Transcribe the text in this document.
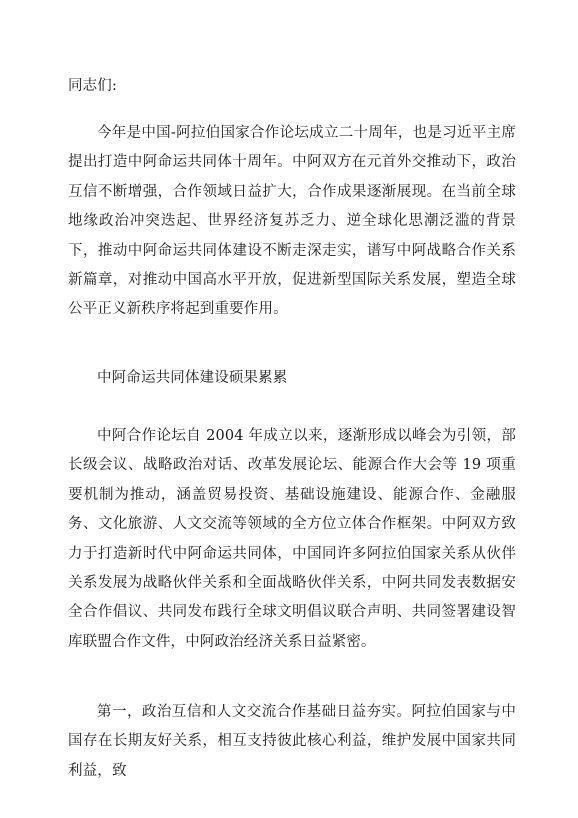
同志们:
今年是中国-阿拉伯国家合作论坛成立二十周年，也是习近平主席提出打造中阿命运共同体十周年。中阿双方在元首外交推动下，政治互信不断增强，合作领域日益扩大，合作成果逐渐展现。在当前全球地缘政治冲突迭起、世界经济复苏乏力、逆全球化思潮泛滥的背景下，推动中阿命运共同体建设不断走深走实，谱写中阿战略合作关系新篇章，对推动中国高水平开放，促进新型国际关系发展，塑造全球公平正义新秩序将起到重要作用。
中阿命运共同体建设硕果累累
中阿合作论坛自 2004 年成立以来，逐渐形成以峰会为引领，部长级会议、战略政治对话、改革发展论坛、能源合作大会等 19 项重要机制为推动，涵盖贸易投资、基础设施建设、能源合作、金融服务、文化旅游、人文交流等领域的全方位立体合作框架。中阿双方致力于打造新时代中阿命运共同体，中国同许多阿拉伯国家关系从伙伴关系发展为战略伙伴关系和全面战略伙伴关系，中阿共同发表数据安全合作倡议、共同发布践行全球文明倡议联合声明、共同签署建设智库联盟合作文件，中阿政治经济关系日益紧密。
第一，政治互信和人文交流合作基础日益夯实。阿拉伯国家与中国存在长期友好关系，相互支持彼此核心利益，维护发展中国家共同利益，致
